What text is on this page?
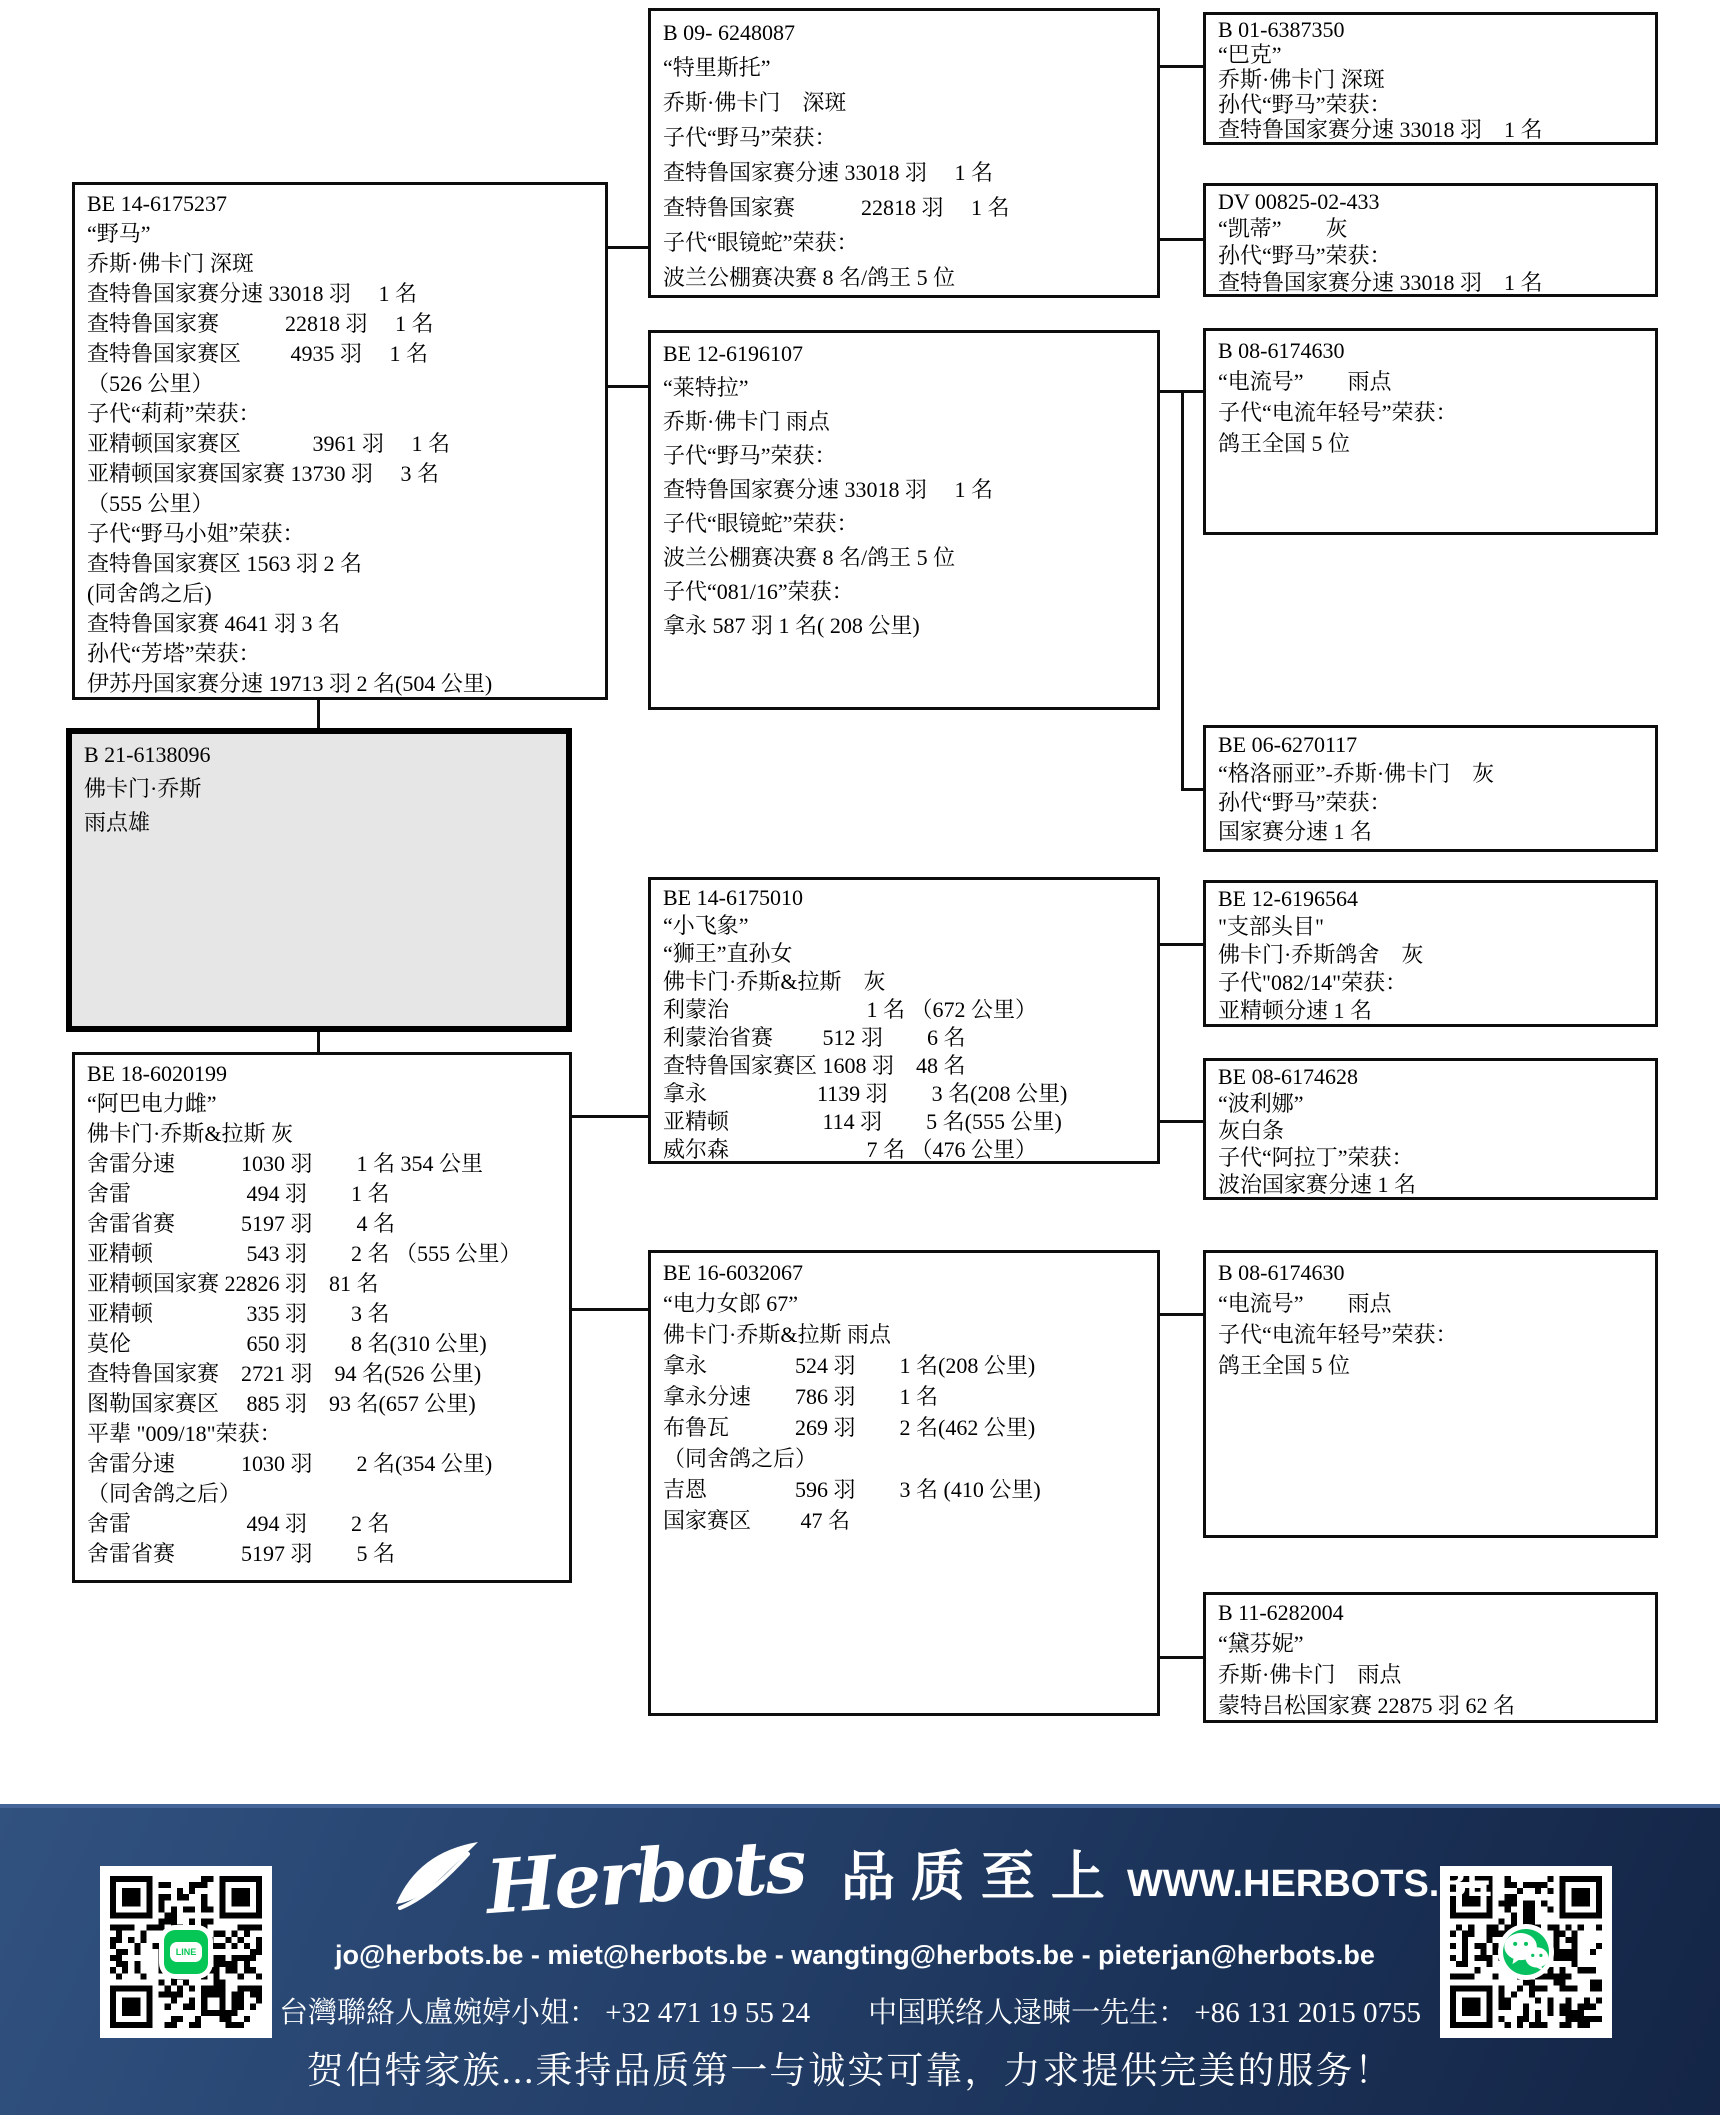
BE 14-6175237
“野马”
乔斯·佛卡门 深斑
查特鲁国家赛分速 33018 羽　 1 名
查特鲁国家赛　　　22818 羽　 1 名
查特鲁国家赛区　　 4935 羽　 1 名
（526 公里）
子代“莉莉”荣获：
亚精顿国家赛区　　　 3961 羽　 1 名
亚精顿国家赛国家赛 13730 羽　 3 名
（555 公里）
子代“野马小姐”荣获：
查特鲁国家赛区 1563 羽 2 名
(同舍鸽之后)
查特鲁国家赛 4641 羽 3 名
孙代“芳塔”荣获：
伊苏丹国家赛分速 19713 羽 2 名(504 公里)
B 21-6138096
佛卡门·乔斯
雨点雄
BE 18-6020199
“阿巴电力雌”
佛卡门·乔斯&拉斯 灰
舍雷分速　　　1030 羽　　1 名 354 公里
舍雷　　　　　 494 羽　　1 名
舍雷省赛　　　5197 羽　　4 名
亚精顿　　　　 543 羽　　2 名 （555 公里）
亚精顿国家赛 22826 羽　81 名
亚精顿　　　　 335 羽　　3 名
莫伦　　　　　 650 羽　　8 名(310 公里)
查特鲁国家赛　2721 羽　94 名(526 公里)
图勒国家赛区　 885 羽　93 名(657 公里)
平辈 "009/18"荣获：
舍雷分速　　　1030 羽　　2 名(354 公里)
（同舍鸽之后）
舍雷　　　　　 494 羽　　2 名
舍雷省赛　　　5197 羽　　5 名
B 09- 6248087
“特里斯托”
乔斯·佛卡门　深斑
子代“野马”荣获：
查特鲁国家赛分速 33018 羽　 1 名
查特鲁国家赛　　　22818 羽　 1 名
子代“眼镜蛇”荣获：
波兰公棚赛决赛 8 名/鸽王 5 位
BE 12-6196107
“莱特拉”
乔斯·佛卡门 雨点
子代“野马”荣获：
查特鲁国家赛分速 33018 羽　 1 名
子代“眼镜蛇”荣获：
波兰公棚赛决赛 8 名/鸽王 5 位
子代“081/16”荣获：
拿永 587 羽 1 名( 208 公里)
BE 14-6175010
“小飞象”
“狮王”直孙女
佛卡门·乔斯&拉斯　灰
利蒙治　　　　　　 1 名 （672 公里）
利蒙治省赛　　 512 羽　　6 名
查特鲁国家赛区 1608 羽　48 名
拿永　　　　　1139 羽　　3 名(208 公里)
亚精顿　　　　 114 羽　　5 名(555 公里)
威尔森　　　　　　 7 名 （476 公里）
BE 16-6032067
“电力女郎 67”
佛卡门·乔斯&拉斯 雨点
拿永　　　　524 羽　　1 名(208 公里)
拿永分速　　786 羽　　1 名
布鲁瓦　　　269 羽　　2 名(462 公里)
（同舍鸽之后）
吉恩　　　　596 羽　　3 名 (410 公里)
国家赛区　　 47 名
B 01-6387350
“巴克”
乔斯·佛卡门 深斑
孙代“野马”荣获：
查特鲁国家赛分速 33018 羽　1 名
DV 00825-02-433
“凯蒂”　　灰
孙代“野马”荣获：
查特鲁国家赛分速 33018 羽　1 名
B 08-6174630
“电流号”　　雨点
子代“电流年轻号”荣获：
鸽王全国 5 位
BE 06-6270117
“格洛丽亚”-乔斯·佛卡门　灰
孙代“野马”荣获：
国家赛分速 1 名
BE 12-6196564
"支部头目"
佛卡门·乔斯鸽舍　灰
子代"082/14"荣获：
亚精顿分速 1 名
BE 08-6174628
“波利娜”
灰白条
子代“阿拉丁”荣获：
波治国家赛分速 1 名
B 08-6174630
“电流号”　　雨点
子代“电流年轻号”荣获：
鸽王全国 5 位
B 11-6282004
“黛芬妮”
乔斯·佛卡门　雨点
蒙特吕松国家赛 22875 羽 62 名
LINE
Herbots 品质至上 WWW.HERBOTS.BE
jo@herbots.be - miet@herbots.be - wangting@herbots.be - pieterjan@herbots.be
台灣聯絡人盧婉婷小姐： +32 471 19 55 24　　中国联络人逯暕一先生： +86 131 2015 0755
贺伯特家族...秉持品质第一与诚实可靠，力求提供完美的服务！
